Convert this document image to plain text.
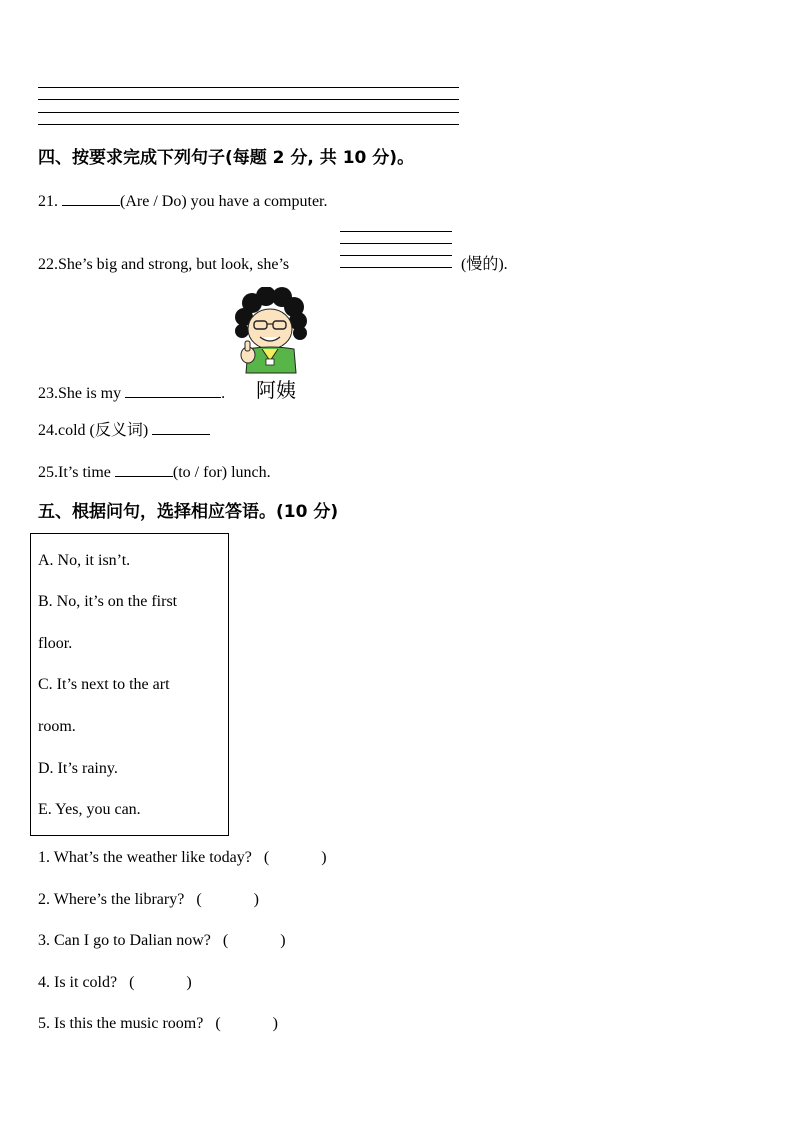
四、按要求完成下列句子(每题 2 分, 共 10 分)。
21.	(Are / Do) you have a computer.
22.She’s big and strong, but look, she’s	(慢的).
阿姨
23.She is my	.
24.cold (反义词)
25.It’s time	(to / for) lunch.
五、根据问句，选择相应答语。(10 分)
A. No, it isn’t.
B. No, it’s on the first
floor.
C. It’s next to the art
room.
D. It’s rainy.
E. Yes, you can.
1. What’s the weather like today? (	)
2. Where’s the library? (	)
3. Can I go to Dalian now? (	)
4. Is it cold? (	)
5. Is this the music room? (	)
